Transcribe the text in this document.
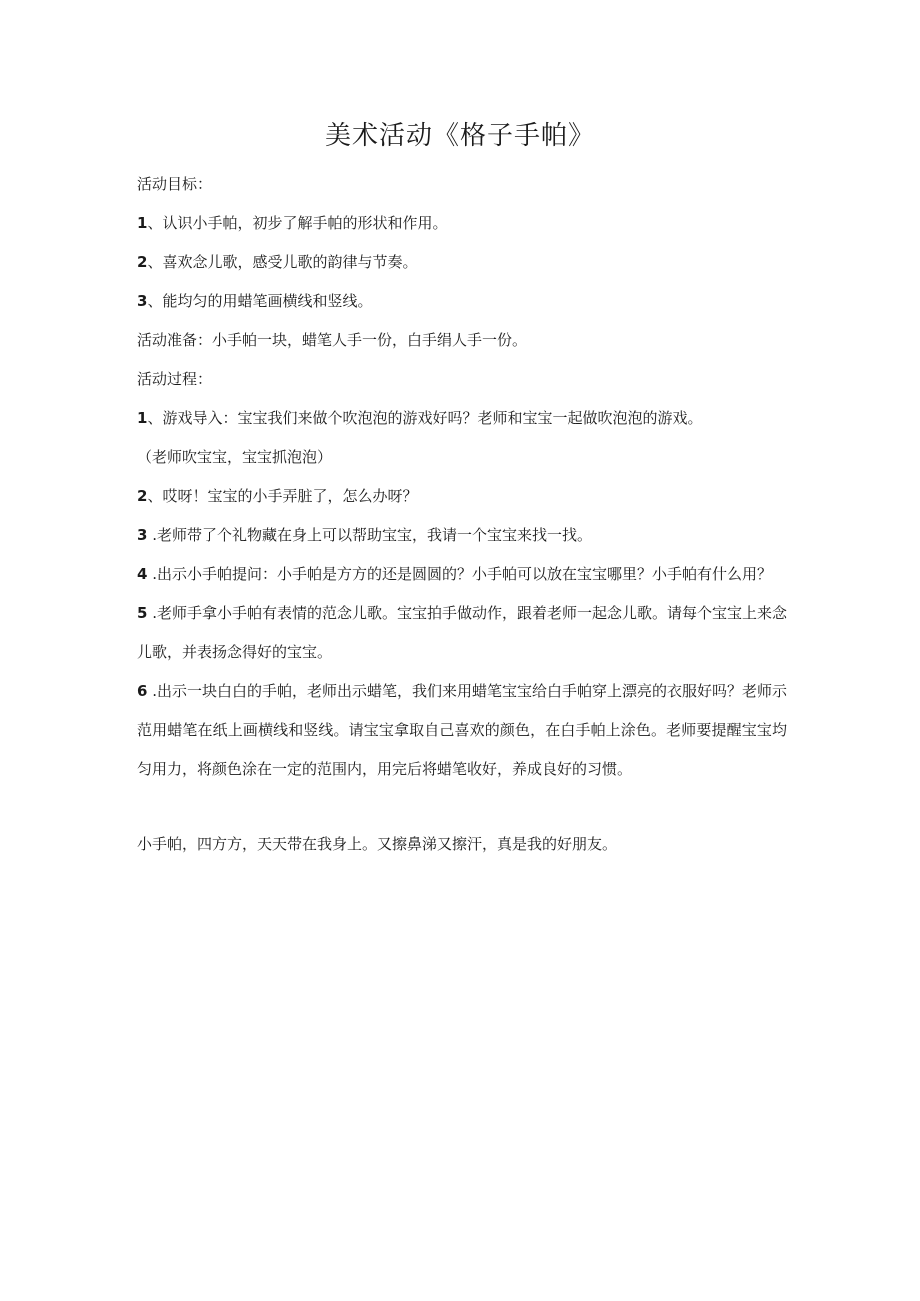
美术活动《格子手帕》

活动目标：

1、认识小手帕，初步了解手帕的形状和作用。

2、喜欢念儿歌，感受儿歌的韵律与节奏。

3、能均匀的用蜡笔画横线和竖线。

活动准备：小手帕一块，蜡笔人手一份，白手绢人手一份。

活动过程：

1、游戏导入：宝宝我们来做个吹泡泡的游戏好吗？老师和宝宝一起做吹泡泡的游戏。

（老师吹宝宝，宝宝抓泡泡）

2、哎呀！宝宝的小手弄脏了，怎么办呀？

3 .老师带了个礼物藏在身上可以帮助宝宝，我请一个宝宝来找一找。

4 .出示小手帕提问：小手帕是方方的还是圆圆的？小手帕可以放在宝宝哪里？小手帕有什么用？

5 .老师手拿小手帕有表情的范念儿歌。宝宝拍手做动作，跟着老师一起念儿歌。请每个宝宝上来念儿歌，并表扬念得好的宝宝。

6 .出示一块白白的手帕，老师出示蜡笔，我们来用蜡笔宝宝给白手帕穿上漂亮的衣服好吗？老师示范用蜡笔在纸上画横线和竖线。请宝宝拿取自己喜欢的颜色，在白手帕上涂色。老师要提醒宝宝均匀用力，将颜色涂在一定的范围内，用完后将蜡笔收好，养成良好的习惯。

小手帕，四方方，天天带在我身上。又擦鼻涕又擦汗，真是我的好朋友。
